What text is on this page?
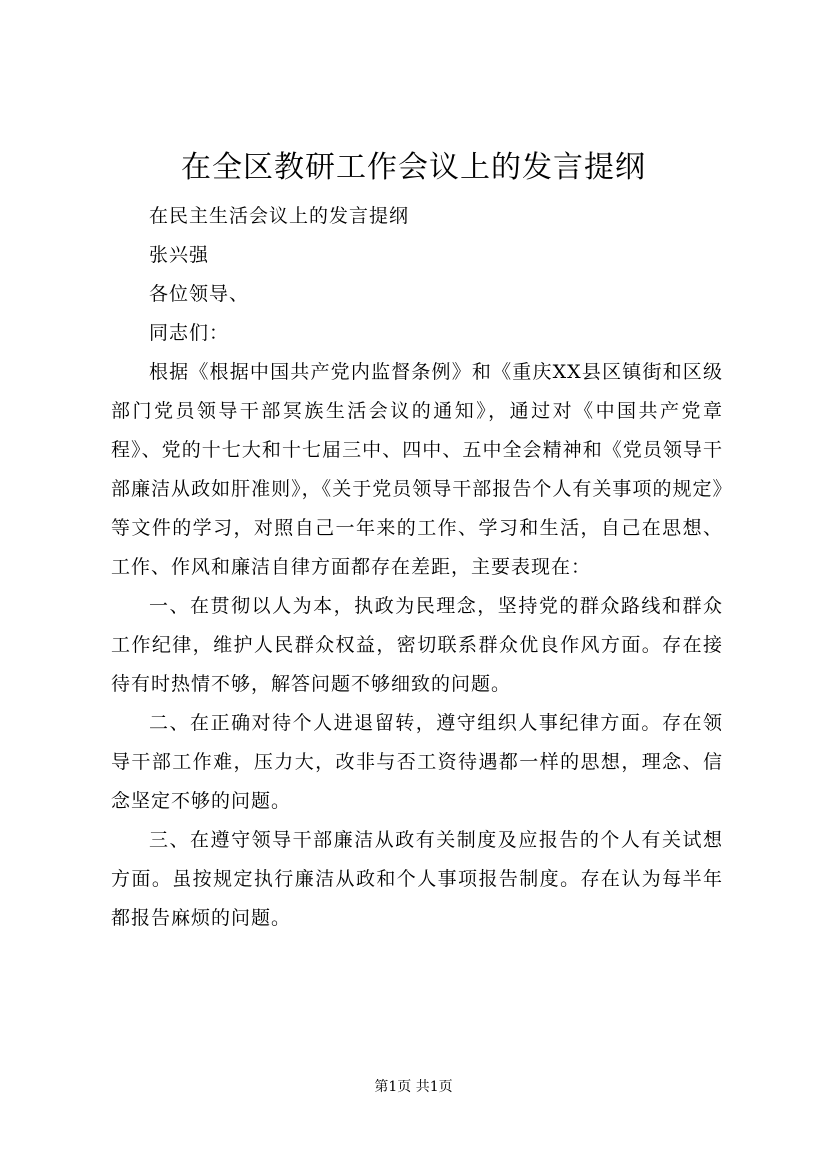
在全区教研工作会议上的发言提纲

在民主生活会议上的发言提纲

张兴强

各位领导、

同志们：

根据《根据中国共产党内监督条例》和《重庆XX县区镇街和区级部门党员领导干部冥族生活会议的通知》，通过对《中国共产党章程》、党的十七大和十七届三中、四中、五中全会精神和《党员领导干部廉洁从政如肝准则》，《关于党员领导干部报告个人有关事项的规定》等文件的学习，对照自己一年来的工作、学习和生活，自己在思想、工作、作风和廉洁自律方面都存在差距，主要表现在：

一、在贯彻以人为本，执政为民理念，坚持党的群众路线和群众工作纪律，维护人民群众权益，密切联系群众优良作风方面。存在接待有时热情不够，解答问题不够细致的问题。

二、在正确对待个人进退留转，遵守组织人事纪律方面。存在领导干部工作难，压力大，改非与否工资待遇都一样的思想，理念、信念坚定不够的问题。

三、在遵守领导干部廉洁从政有关制度及应报告的个人有关试想方面。虽按规定执行廉洁从政和个人事项报告制度。存在认为每半年都报告麻烦的问题。

第1页 共1页
